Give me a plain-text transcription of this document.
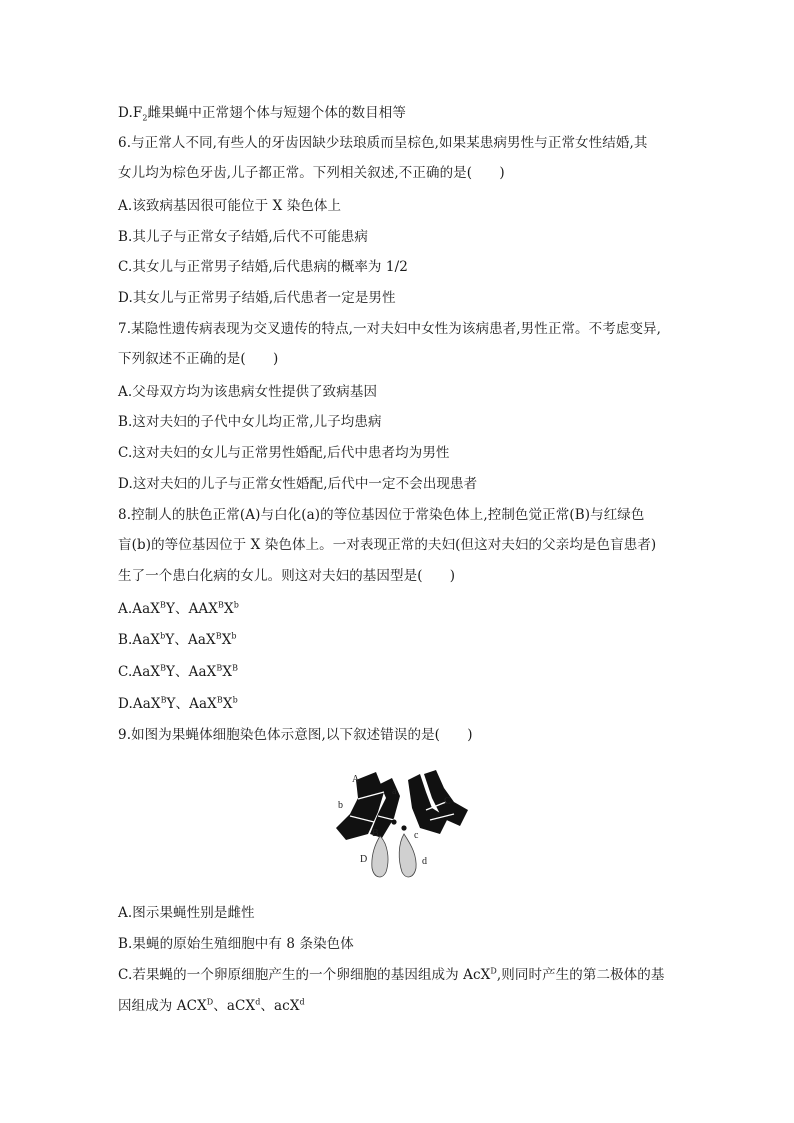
$D.F_2$雌果蝇中正常翅个体与短翅个体的数目相等
6.与正常人不同,有些人的牙齿因缺少珐琅质而呈棕色,如果某患病男性与正常女性结婚,其
女儿均为棕色牙齿,儿子都正常。下列相关叙述,不正确的是(　　)
A.该致病基因很可能位于 X 染色体上
B.其儿子与正常女子结婚,后代不可能患病
C.其女儿与正常男子结婚,后代患病的概率为 1/2
D.其女儿与正常男子结婚,后代患者一定是男性
7.某隐性遗传病表现为交叉遗传的特点,一对夫妇中女性为该病患者,男性正常。不考虑变异,
下列叙述不正确的是(　　)
A.父母双方均为该患病女性提供了致病基因
B.这对夫妇的子代中女儿均正常,儿子均患病
C.这对夫妇的女儿与正常男性婚配,后代中患者均为男性
D.这对夫妇的儿子与正常女性婚配,后代中一定不会出现患者
8.控制人的肤色正常(A)与白化(a)的等位基因位于常染色体上,控制色觉正常(B)与红绿色
盲(b)的等位基因位于 X 染色体上。一对表现正常的夫妇(但这对夫妇的父亲均是色盲患者)
生了一个患白化病的女儿。则这对夫妇的基因型是(　　)
A.AaX$^B$Y、$AAX^BX^b$
B.AaX$^b$Y、$AaX^BX^b$
C.AaX$^B$Y、$AaX^BX^B$
D.AaX$^B$Y、$AaX^BX^b$
9.如图为果蝇体细胞染色体示意图,以下叙述错误的是(　　)
A
a
b
B
C
c
D	d
A.图示果蝇性别是雌性
B.果蝇的原始生殖细胞中有 8 条染色体
C.若果蝇的一个卵原细胞产生的一个卵细胞的基因组成为 AcX$^D$,则同时产生的第二极体的基
因组成为 $ACX^D$、aCX$^d$、acX$^d$
